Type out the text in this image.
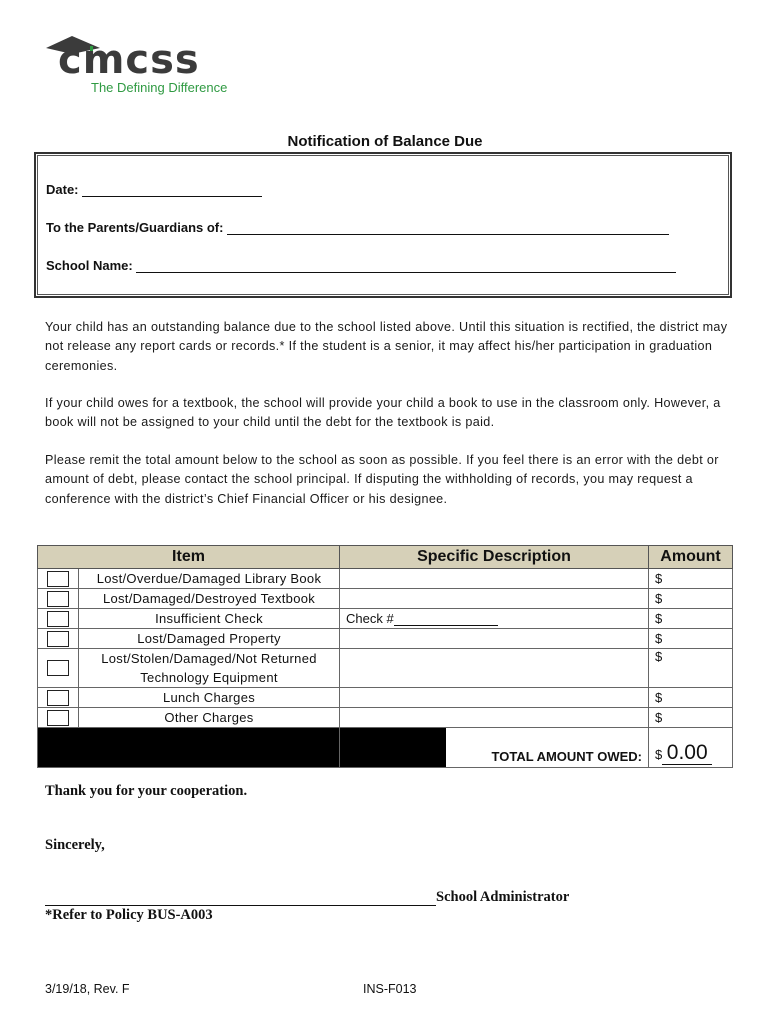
cmcss
The Defining Difference
Notification of Balance Due
Date:
To the Parents/Guardians of:
School Name:
Your child has an outstanding balance due to the school listed above. Until this situation is rectified, the district may not release any report cards or records.* If the student is a senior, it may affect his/her participation in graduation ceremonies.
If your child owes for a textbook, the school will provide your child a book to use in the classroom only. However, a book will not be assigned to your child until the debt for the textbook is paid.
Please remit the total amount below to the school as soon as possible. If you feel there is an error with the debt or amount of debt, please contact the school principal. If disputing the withholding of records, you may request a conference with the district’s Chief Financial Officer or his designee.
Item		Specific Description	Amount
	Lost/Overdue/Damaged Library Book		$
	Lost/Damaged/Destroyed Textbook		$
	Insufficient Check	Check #	$
	Lost/Damaged Property		$
	Lost/Stolen/Damaged/Not Returned Technology Equipment		$
	Lunch Charges		$
	Other Charges		$

TOTAL AMOUNT OWED:	$ 0.00
Thank you for your cooperation.
Sincerely,
School Administrator
*Refer to Policy BUS-A003
3/19/18, Rev. F	INS-F013
